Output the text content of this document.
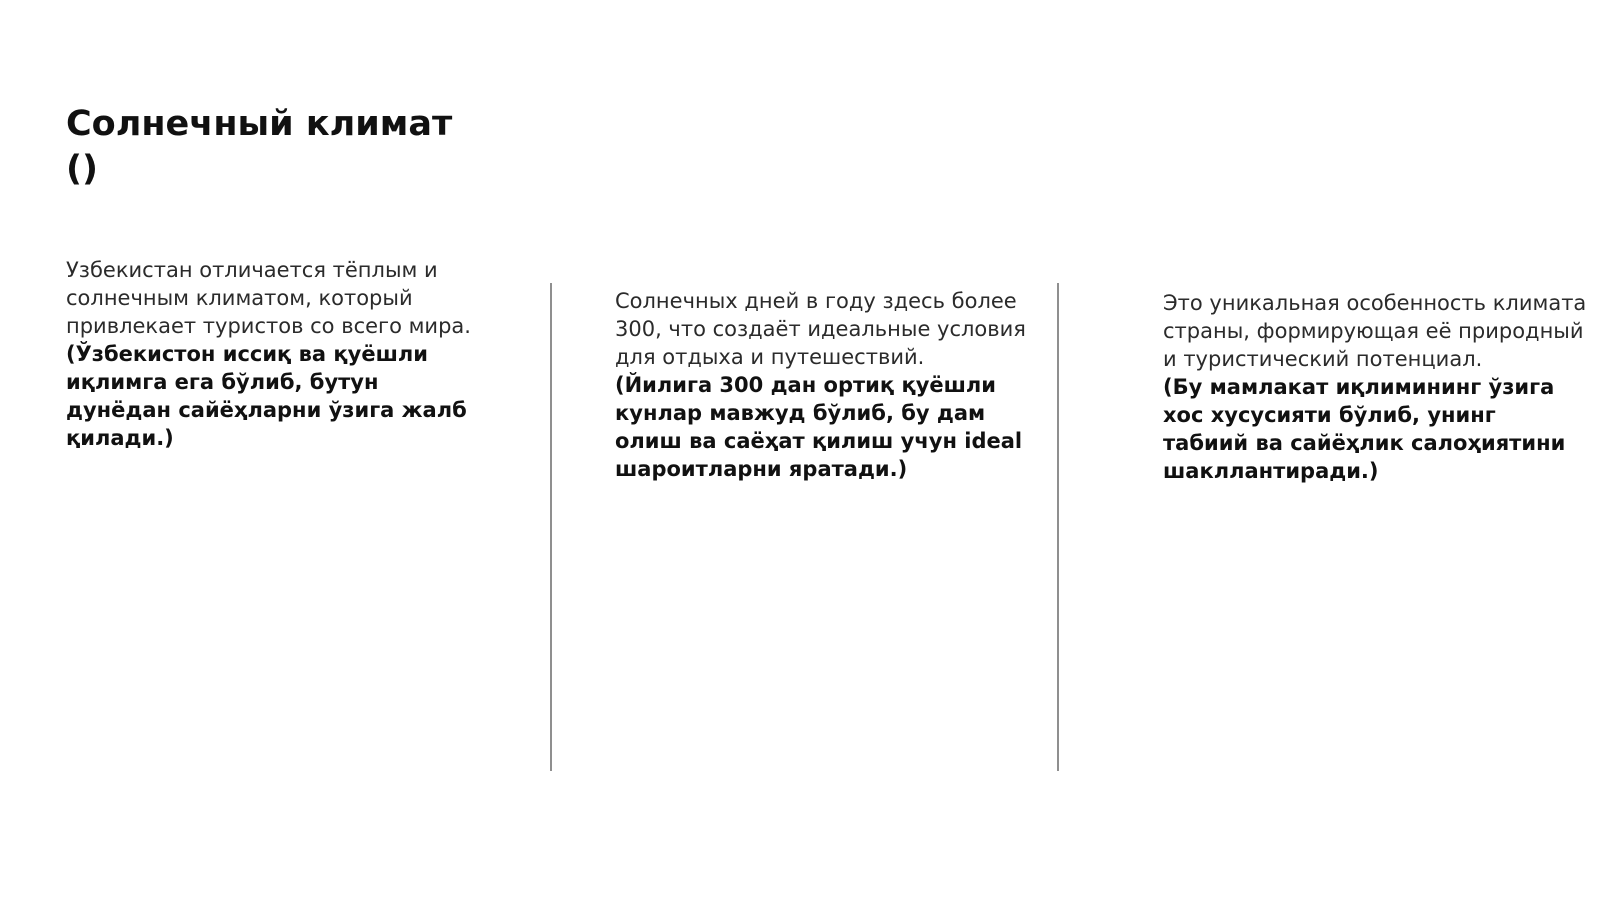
Солнечный климат
()

Узбекистан отличается тёплым и солнечным климатом, который привлекает туристов со всего мира.

(Ўзбекистон иссиқ ва қуёшли иқлимга ега бўлиб, бутун дунёдан сайёҳларни ўзига жалб қилади.)

Солнечных дней в году здесь более 300, что создаёт идеальные условия для отдыха и путешествий.

(Йилига 300 дан ортиқ қуёшли кунлар мавжуд бўлиб, бу дам олиш ва саёҳат қилиш учун ideal шароитларни яратади.)

Это уникальная особенность климата страны, формирующая её природный и туристический потенциал.

(Бу мамлакат иқлимининг ўзига хос хусусияти бўлиб, унинг табиий ва сайёҳлик салоҳиятини шакллантиради.)
